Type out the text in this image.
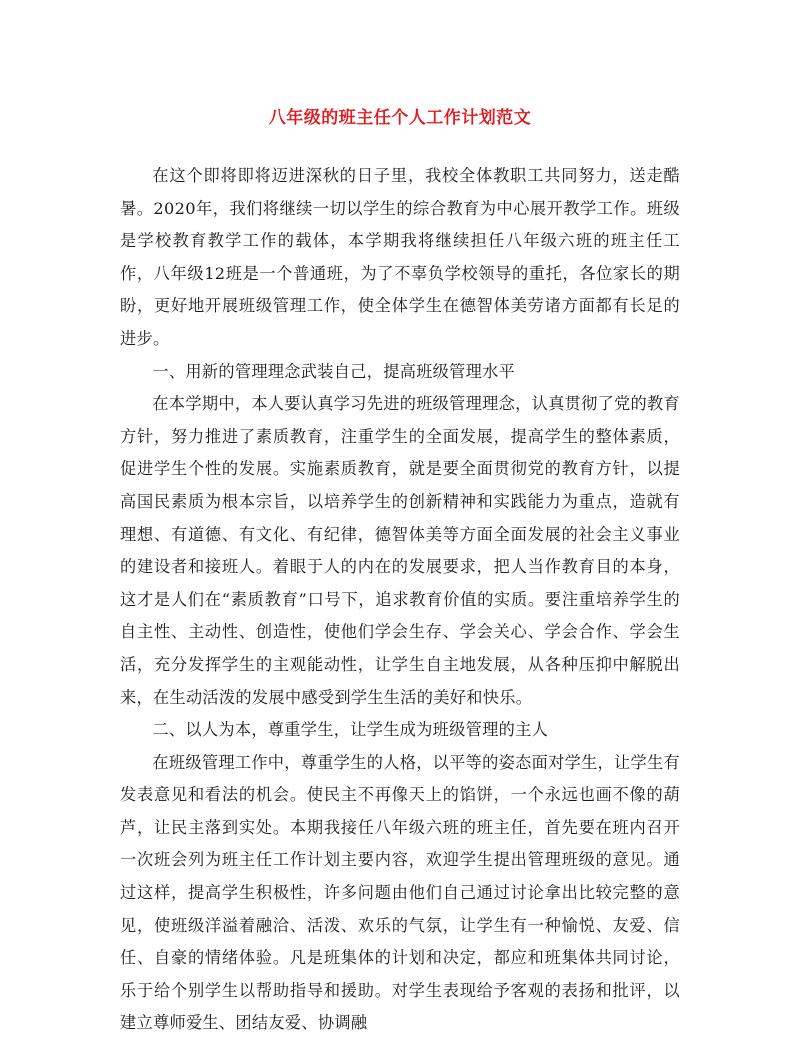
八年级的班主任个人工作计划范文

在这个即将即将迈进深秋的日子里，我校全体教职工共同努力，送走酷暑。2020年，我们将继续一切以学生的综合教育为中心展开教学工作。班级是学校教育教学工作的载体，本学期我将继续担任八年级六班的班主任工作，八年级12班是一个普通班，为了不辜负学校领导的重托，各位家长的期盼，更好地开展班级管理工作，使全体学生在德智体美劳诸方面都有长足的进步。

一、用新的管理理念武装自己，提高班级管理水平

在本学期中，本人要认真学习先进的班级管理理念，认真贯彻了党的教育方针，努力推进了素质教育，注重学生的全面发展，提高学生的整体素质，促进学生个性的发展。实施素质教育，就是要全面贯彻党的教育方针，以提高国民素质为根本宗旨，以培养学生的创新精神和实践能力为重点，造就有理想、有道德、有文化、有纪律，德智体美等方面全面发展的社会主义事业的建设者和接班人。着眼于人的内在的发展要求，把人当作教育目的本身，这才是人们在“素质教育”口号下，追求教育价值的实质。要注重培养学生的自主性、主动性、创造性，使他们学会生存、学会关心、学会合作、学会生活，充分发挥学生的主观能动性，让学生自主地发展，从各种压抑中解脱出来，在生动活泼的发展中感受到学生生活的美好和快乐。

二、以人为本，尊重学生，让学生成为班级管理的主人

在班级管理工作中，尊重学生的人格，以平等的姿态面对学生，让学生有发表意见和看法的机会。使民主不再像天上的馅饼，一个永远也画不像的葫芦，让民主落到实处。本期我接任八年级六班的班主任，首先要在班内召开一次班会列为班主任工作计划主要内容，欢迎学生提出管理班级的意见。通过这样，提高学生积极性，许多问题由他们自己通过讨论拿出比较完整的意见，使班级洋溢着融洽、活泼、欢乐的气氛，让学生有一种愉悦、友爱、信任、自豪的情绪体验。凡是班集体的计划和决定，都应和班集体共同讨论，乐于给个别学生以帮助指导和援助。对学生表现给予客观的表扬和批评，以建立尊师爱生、团结友爱、协调融
